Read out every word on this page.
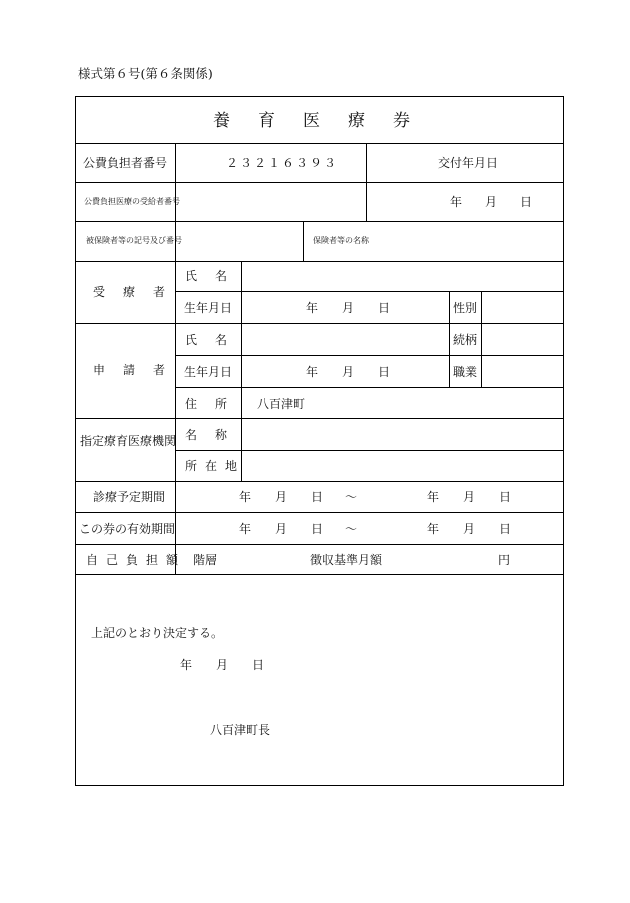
様式第６号(第６条関係)
養育医療券
公費負担者番号	２３２１６３９３	交付年月日
公費負担医療の受給者番号	年 月 日
被保険者等の記号及び番号	保険者等の名称
受療者
氏名
生年月日	年 月 日	性別
申請者
氏名	続柄
生年月日	年 月 日	職業
住所 八百津町
指定療育医療機関 名称
所在地
診療予定期間	年 月 日 ～	年 月 日
この券の有効期間	年 月 日 ～	年 月 日
自己負担額 階層	徴収基準月額	円
上記のとおり決定する。
年 月 日
八百津町長
